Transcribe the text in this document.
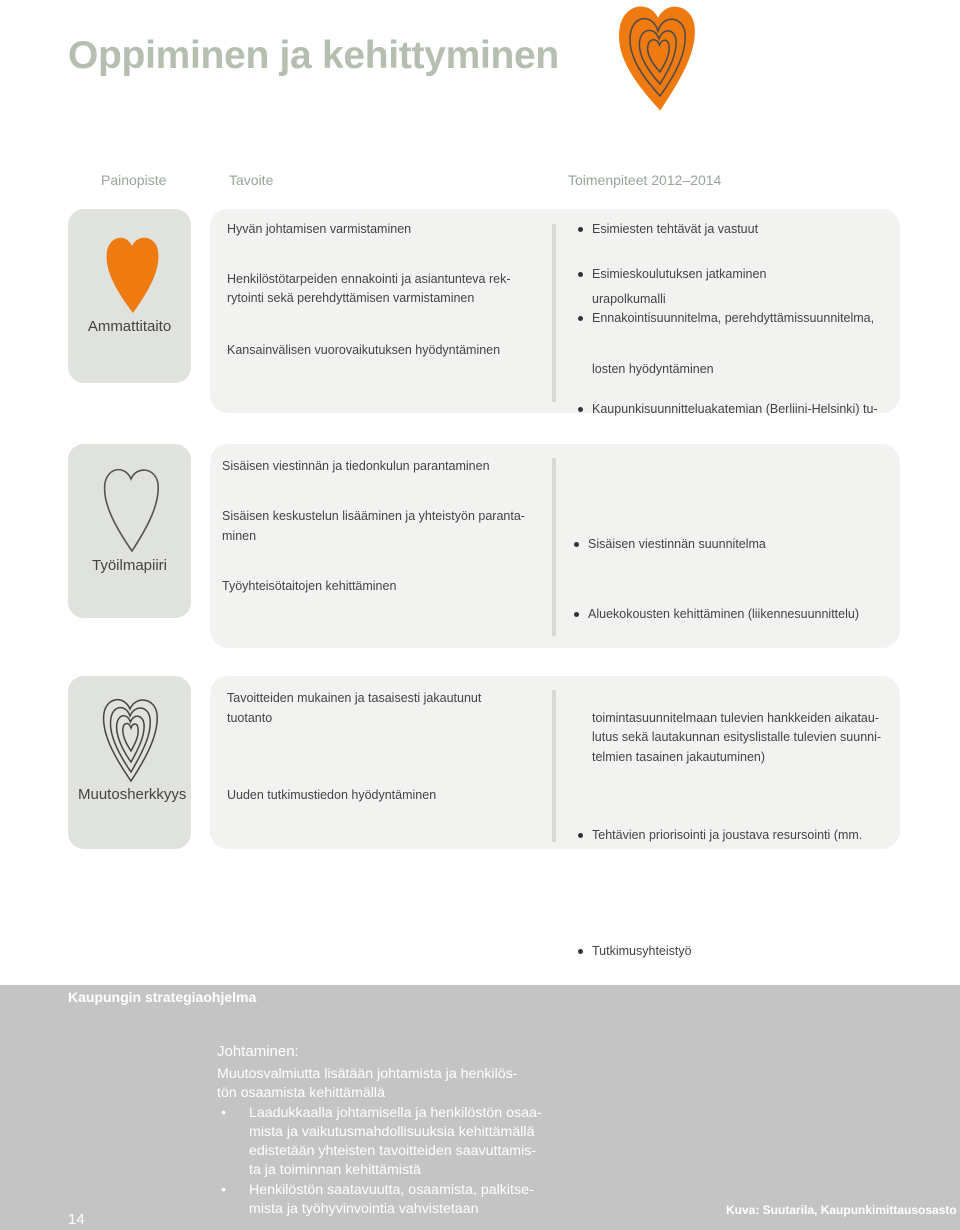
Oppiminen ja kehittyminen
Painopiste	Tavoite	Toimenpiteet 2012–2014
Ammattitaito
Hyvän johtamisen varmistaminen
Henkilöstötarpeiden ennakointi ja asiantunteva rek-
rytointi sekä perehdyttämisen varmistaminen
Kansainvälisen vuorovaikutuksen hyödyntäminen
Esimiesten tehtävät ja vastuut
Esimieskoulutuksen jatkaminen
Ennakointisuunnitelma, perehdyttämissuunnitelma,
urapolkumalli
Kaupunkisuunnitteluakatemian (Berliini-Helsinki) tu-
losten hyödyntäminen
Työilmapiiri
Sisäisen viestinnän ja tiedonkulun parantaminen
Sisäisen keskustelun lisääminen ja yhteistyön paranta-
minen
Työyhteisötaitojen kehittäminen
Sisäisen viestinnän suunnitelma
Aluekokousten kehittäminen (liikennesuunnittelu)
Muutosherkkyys
Tavoitteiden mukainen ja tasaisesti jakautunut
tuotanto
Uuden tutkimustiedon hyödyntäminen
Tehtävien priorisointi ja joustava resursointi (mm.
toimintasuunnitelmaan tulevien hankkeiden aikatau-
lutus sekä lautakunnan esityslistalle tulevien suunni-
telmien tasainen jakautuminen)
Tutkimusyhteistyö
Kaupungin strategiaohjelma
Johtaminen:
Muutosvalmiutta lisätään johtamista ja henkilös-
tön osaamista kehittämällä
• Laadukkaalla johtamisella ja henkilöstön osaa-
mista ja vaikutusmahdollisuuksia kehittämällä
edistetään yhteisten tavoitteiden saavuttamis-
ta ja toiminnan kehittämistä
• Henkilöstön saatavuutta, osaamista, palkitse-
mista ja työhyvinvointia vahvistetaan
14
Kuva: Suutarila, Kaupunkimittausosasto
